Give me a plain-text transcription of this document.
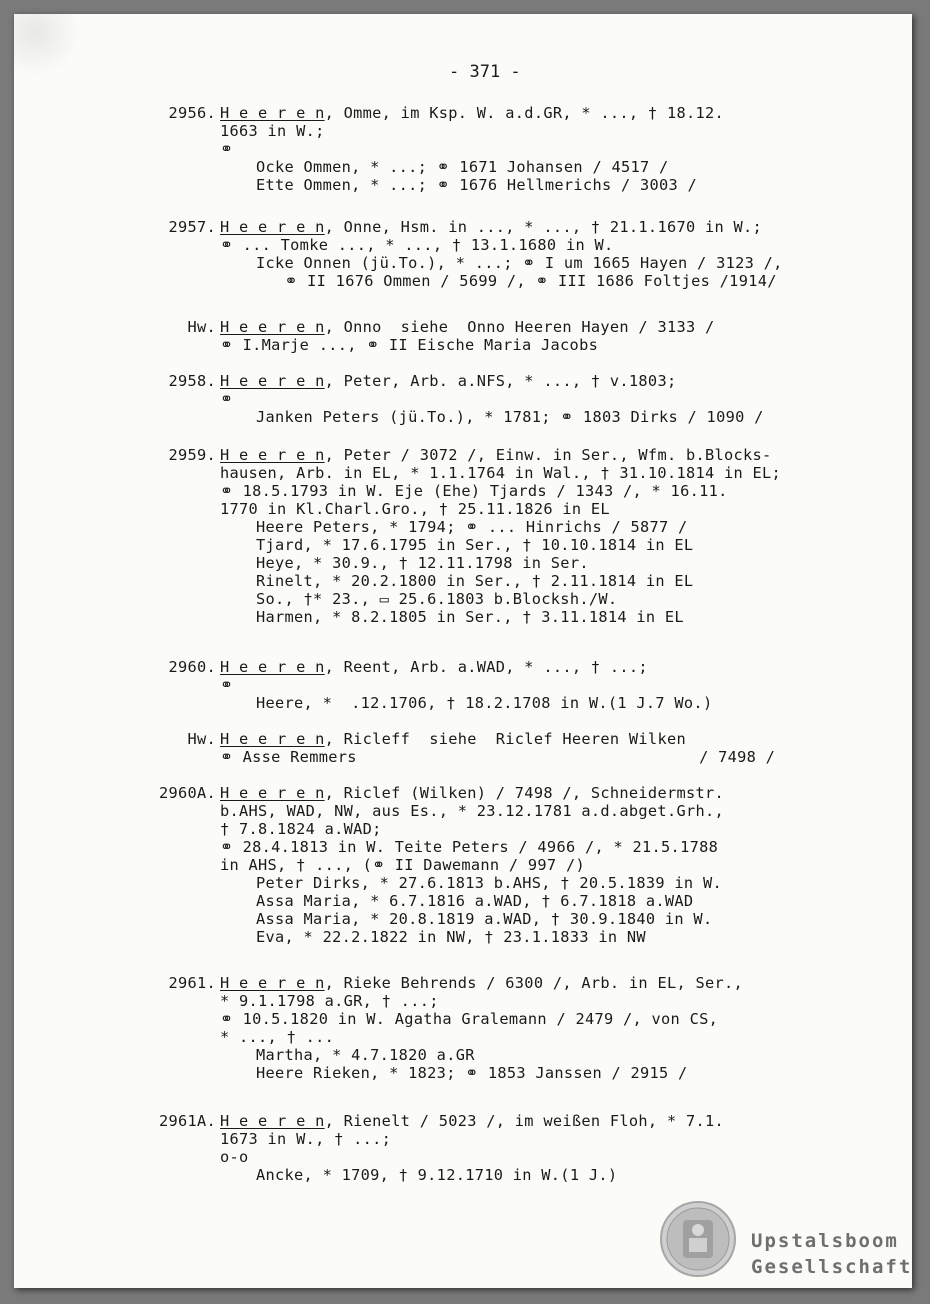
- 371 -
2956. H e e r e n, Omme, im Ksp. W. a.d.GR, * ..., † 18.12.
1663 in W.;
⚭
Ocke Ommen, * ...; ⚭ 1671 Johansen / 4517 /
Ette Ommen, * ...; ⚭ 1676 Hellmerichs / 3003 /
2957. H e e r e n, Onne, Hsm. in ..., * ..., † 21.1.1670 in W.;
⚭ ... Tomke ..., * ..., † 13.1.1680 in W.
Icke Onnen (jü.To.), * ...; ⚭ I um 1665 Hayen / 3123 /,
⚭ II 1676 Ommen / 5699 /, ⚭ III 1686 Foltjes /1914/
Hw. H e e r e n, Onno  siehe  Onno Heeren Hayen / 3133 /
⚭ I.Marje ..., ⚭ II Eische Maria Jacobs
2958. H e e r e n, Peter, Arb. a.NFS, * ..., † v.1803;
⚭
Janken Peters (jü.To.), * 1781; ⚭ 1803 Dirks / 1090 /
2959. H e e r e n, Peter / 3072 /, Einw. in Ser., Wfm. b.Blocks-
hausen, Arb. in EL, * 1.1.1764 in Wal., † 31.10.1814 in EL;
⚭ 18.5.1793 in W. Eje (Ehe) Tjards / 1343 /, * 16.11.
1770 in Kl.Charl.Gro., † 25.11.1826 in EL
Heere Peters, * 1794; ⚭ ... Hinrichs / 5877 /
Tjard, * 17.6.1795 in Ser., † 10.10.1814 in EL
Heye, * 30.9., † 12.11.1798 in Ser.
Rinelt, * 20.2.1800 in Ser., † 2.11.1814 in EL
So., †* 23., ▭ 25.6.1803 b.Blocksh./W.
Harmen, * 8.2.1805 in Ser., † 3.11.1814 in EL
2960. H e e r e n, Reent, Arb. a.WAD, * ..., † ...;
⚭
Heere, *  .12.1706, † 18.2.1708 in W.(1 J.7 Wo.)
Hw. H e e r e n, Ricleff  siehe  Riclef Heeren Wilken
⚭ Asse Remmers                                    / 7498 /
2960A. H e e r e n, Riclef (Wilken) / 7498 /, Schneidermstr.
b.AHS, WAD, NW, aus Es., * 23.12.1781 a.d.abget.Grh.,
† 7.8.1824 a.WAD;
⚭ 28.4.1813 in W. Teite Peters / 4966 /, * 21.5.1788
in AHS, † ..., (⚭ II Dawemann / 997 /)
Peter Dirks, * 27.6.1813 b.AHS, † 20.5.1839 in W.
Assa Maria, * 6.7.1816 a.WAD, † 6.7.1818 a.WAD
Assa Maria, * 20.8.1819 a.WAD, † 30.9.1840 in W.
Eva, * 22.2.1822 in NW, † 23.1.1833 in NW
2961. H e e r e n, Rieke Behrends / 6300 /, Arb. in EL, Ser.,
* 9.1.1798 a.GR, † ...;
⚭ 10.5.1820 in W. Agatha Gralemann / 2479 /, von CS,
* ..., † ...
Martha, * 4.7.1820 a.GR
Heere Rieken, * 1823; ⚭ 1853 Janssen / 2915 /
2961A. H e e r e n, Rienelt / 5023 /, im weißen Floh, * 7.1.
1673 in W., † ...;
o-o
Ancke, * 1709, † 9.12.1710 in W.(1 J.)
Upstalsboom
Gesellschaft
